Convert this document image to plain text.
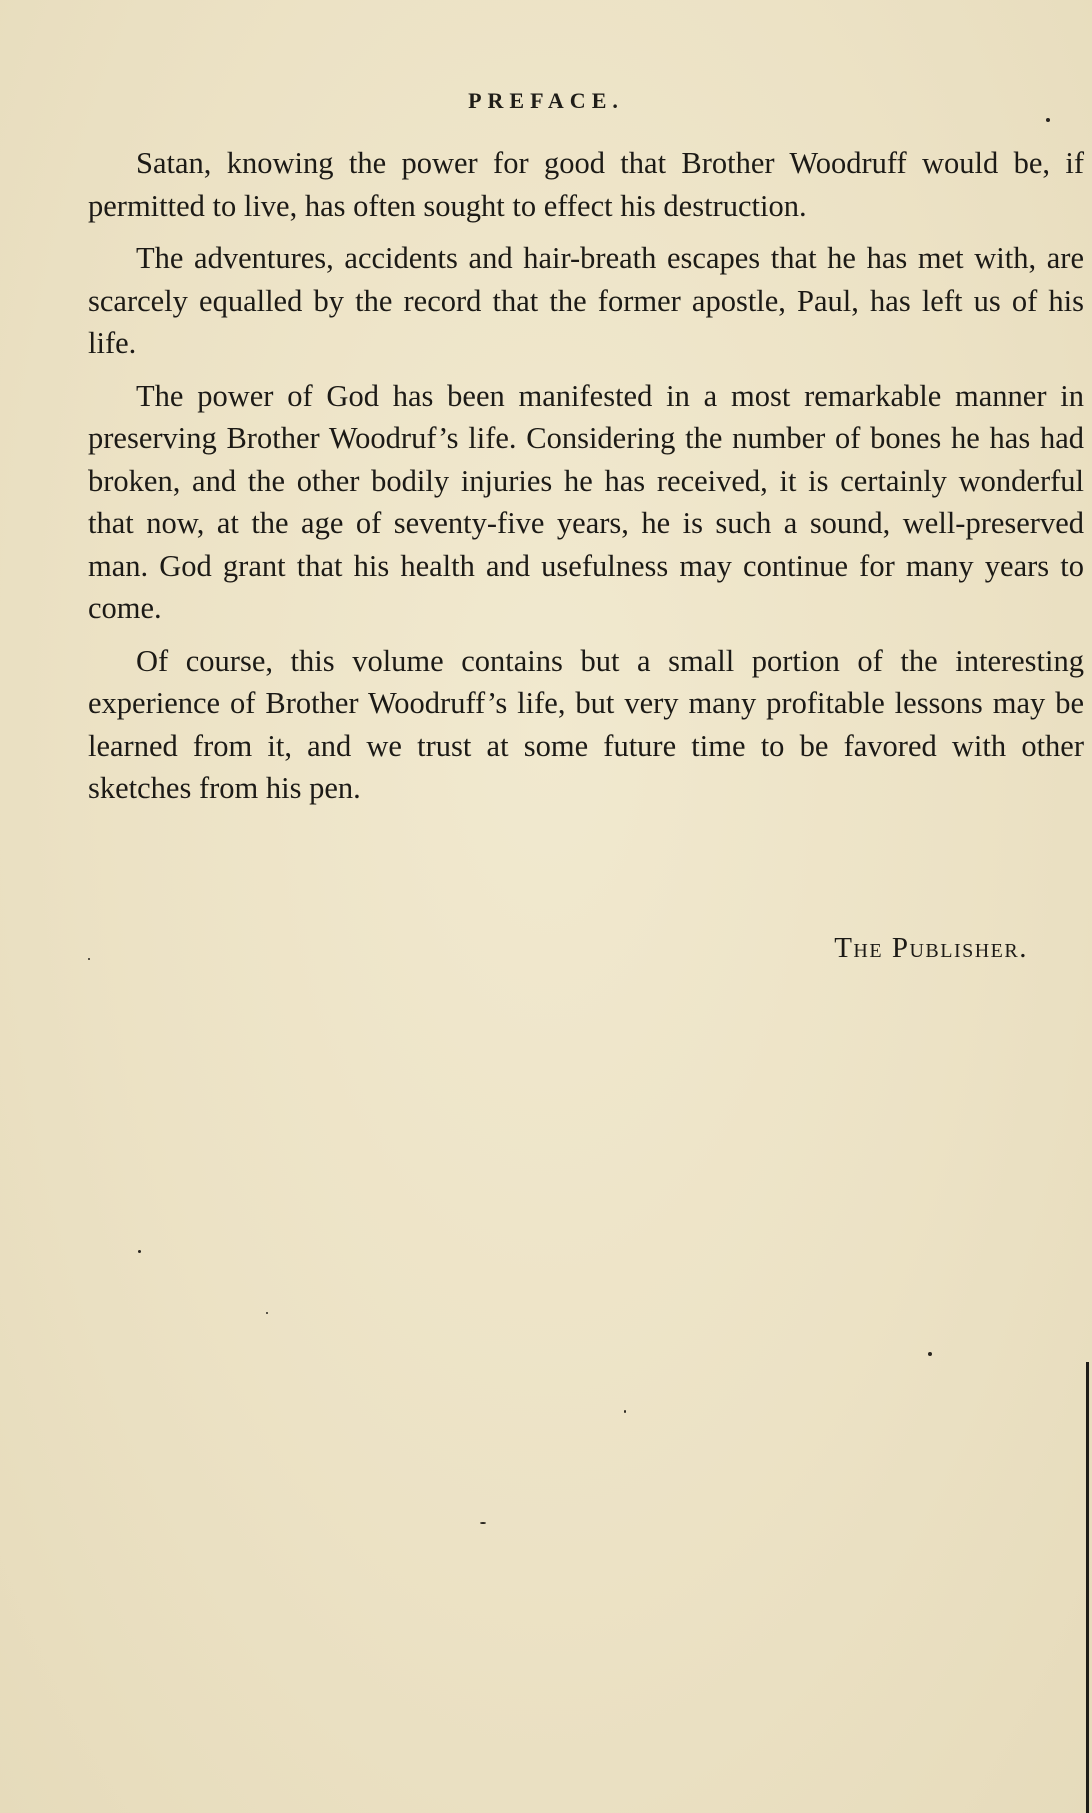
PREFACE.

Satan, knowing the power for good that Brother Woodruff would be, if permitted to live, has often sought to effect his destruction.

The adventures, accidents and hair-breath escapes that he has met with, are scarcely equalled by the record that the former apostle, Paul, has left us of his life.

The power of God has been manifested in a most remarkable manner in preserving Brother Woodruf’s life. Considering the number of bones he has had broken, and the other bodily injuries he has received, it is certainly wonderful that now, at the age of seventy-five years, he is such a sound, well-preserved man. God grant that his health and usefulness may continue for many years to come.

Of course, this volume contains but a small portion of the interesting experience of Brother Woodruff’s life, but very many profitable lessons may be learned from it, and we trust at some future time to be favored with other sketches from his pen.

The Publisher.
